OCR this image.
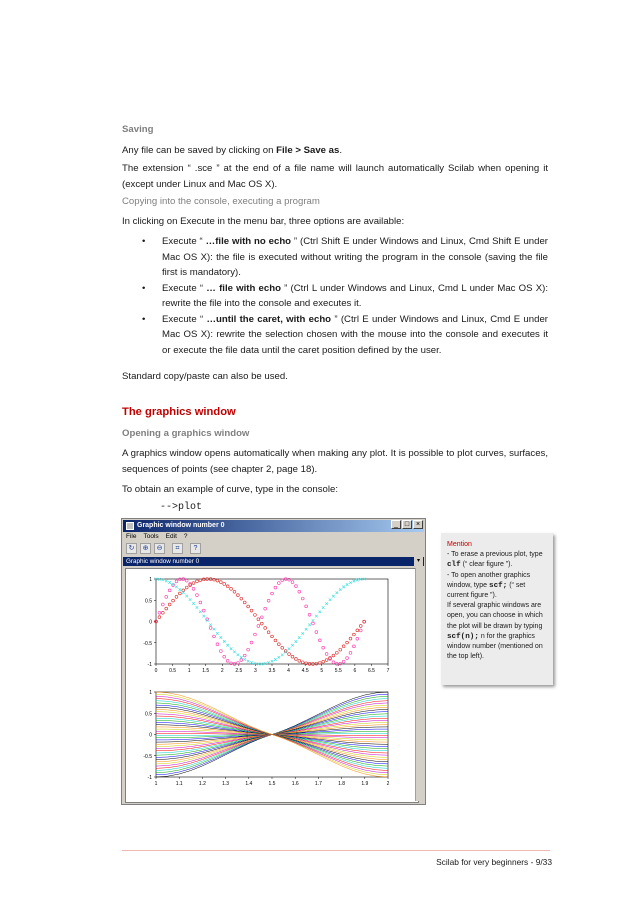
Saving

Any file can be saved by clicking on File > Save as.

The extension “ .sce ” at the end of a file name will launch automatically Scilab when opening it (except under Linux and Mac OS X).

Copying into the console, executing a program

In clicking on Execute in the menu bar, three options are available:

• Execute “ …file with no echo ” (Ctrl Shift E under Windows and Linux, Cmd Shift E under Mac OS X): the file is executed without writing the program in the console (saving the file first is mandatory).
• Execute “ … file with echo ” (Ctrl L under Windows and Linux, Cmd L under Mac OS X): rewrite the file into the console and executes it.
• Execute “ …until the caret, with echo ” (Ctrl E under Windows and Linux, Cmd E under Mac OS X): rewrite the selection chosen with the mouse into the console and executes it or execute the file data until the caret position defined by the user.

Standard copy/paste can also be used.

The graphics window

Opening a graphics window

A graphics window opens automatically when making any plot. It is possible to plot curves, surfaces, sequences of points (see chapter 2, page 18).

To obtain an example of curve, type in the console:

-->plot
Graphic window number 0	_ □ ×
File Tools Edit ?
↻	⊕	⊖	⌗	?
Graphic window number 0	▾
0 0.5 1 1.5 2 2.5 3 3.5 4 4.5 5 5.5 6 6.5 7
1
0.5
0
-0.5
-1
1	1.1	1.2	1.3	1.4	1.5	1.6	1.7	1.8	1.9	2
1
0.5
0
-0.5
-1
Mention
- To erase a previous plot, type clf (“ clear figure ”).
- To open another graphics window, type scf; (“ set current figure ”).
If several graphic windows are open, you can choose in which the plot will be drawn by typing scf(n); n for the graphics window number (mentioned on the top left).
Scilab for very beginners - 9/33
